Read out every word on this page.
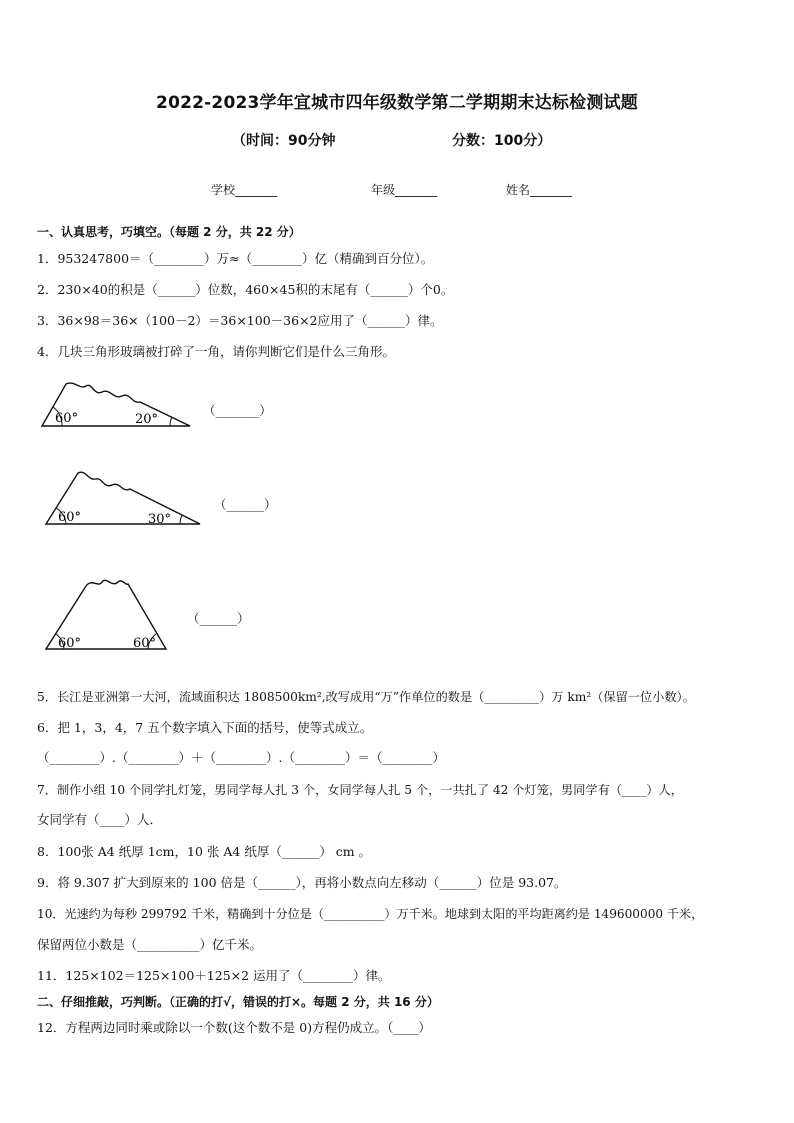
2022-2023学年宜城市四年级数学第二学期期末达标检测试题
（时间：90分钟	分数：100分）
学校_______	年级_______	姓名_______
一、认真思考，巧填空。（每题 2 分，共 22 分）
1．953247800＝（________）万≈（________）亿（精确到百分位）。
2．230×40的积是（______）位数，460×45积的末尾有（______）个0。
3．36×98＝36×（100－2）＝36×100－36×2应用了（______）律。
4．几块三角形玻璃被打碎了一角，请你判断它们是什么三角形。
60°	20°
（_______）
60°	30°
（______）
60°	60°
（______）
5．长江是亚洲第一大河，流域面积达 1808500km²,改写成用“万”作单位的数是（_________）万 km²（保留一位小数）。
6．把 1，3，4，7 五个数字填入下面的括号，使等式成立。
（________）.（________）＋（________）.（________）＝（________）
7．制作小组 10 个同学扎灯笼，男同学每人扎 3 个，女同学每人扎 5 个，一共扎了 42 个灯笼，男同学有（____）人，
女同学有（____）人．
8．100张 A4 纸厚 1cm，10 张 A4 纸厚（______） cm 。
9．将 9.307 扩大到原来的 100 倍是（______），再将小数点向左移动（______）位是 93.07。
10．光速约为每秒 299792 千米，精确到十分位是（__________）万千米。地球到太阳的平均距离约是 149600000 千米，
保留两位小数是（__________）亿千米。
11．125×102＝125×100＋125×2 运用了（________）律。
二、仔细推敲，巧判断。（正确的打√，错误的打×。每题 2 分，共 16 分）
12．方程两边同时乘或除以一个数(这个数不是 0)方程仍成立。（____）
